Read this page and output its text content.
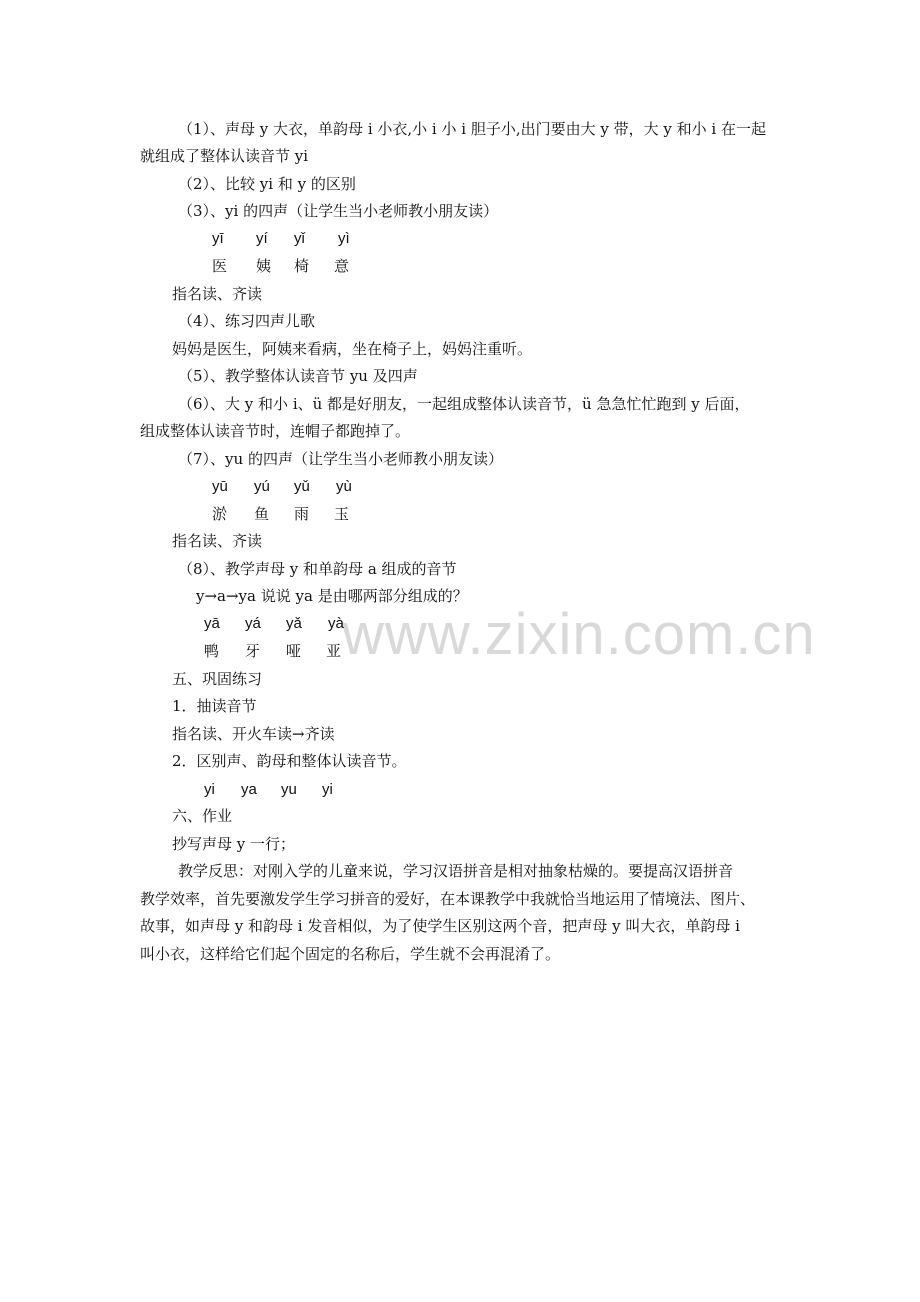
www.zixin.com.cn
（1）、声母 y 大衣，单韵母 i 小衣,小 i 小 i 胆子小,出门要由大 y 带，大 y 和小 i 在一起
就组成了整体认读音节 yi
（2）、比较 yi 和 y 的区别
（3）、yi 的四声（让学生当小老师教小朋友读）
yī yí yǐ yì
医 姨 椅 意
指名读、齐读
（4）、练习四声儿歌
妈妈是医生，阿姨来看病，坐在椅子上，妈妈注重听。
（5）、教学整体认读音节 yu 及四声
（6）、大 y 和小 i、ü 都是好朋友，一起组成整体认读音节，ü 急急忙忙跑到 y 后面，
组成整体认读音节时，连帽子都跑掉了。
（7）、yu 的四声（让学生当小老师教小朋友读）
yū yú yǔ yù
淤 鱼 雨 玉
指名读、齐读
（8）、教学声母 y 和单韵母 a 组成的音节
y→a→ya 说说 ya 是由哪两部分组成的？
yā yá yǎ yà
鸭 牙 哑 亚
五、巩固练习
1．抽读音节
指名读、开火车读→齐读
2．区别声、韵母和整体认读音节。
yi ya yu yi
六、作业
抄写声母 y 一行；
教学反思：对刚入学的儿童来说，学习汉语拼音是相对抽象枯燥的。要提高汉语拼音
教学效率，首先要激发学生学习拼音的爱好，在本课教学中我就恰当地运用了情境法、图片、
故事，如声母 y 和韵母 i 发音相似，为了使学生区别这两个音，把声母 y 叫大衣，单韵母 i
叫小衣，这样给它们起个固定的名称后，学生就不会再混淆了。
